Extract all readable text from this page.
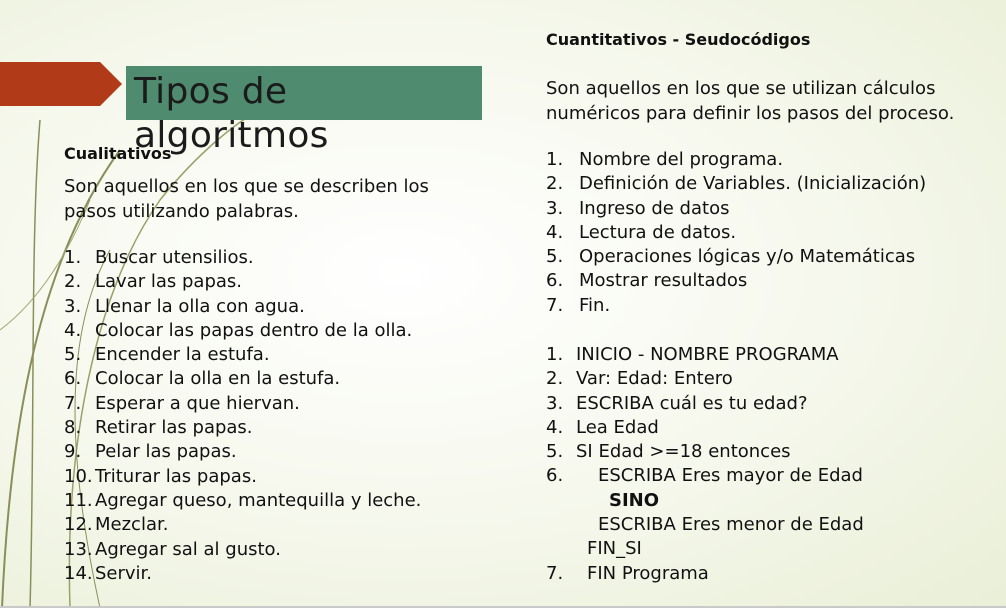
Tipos de algoritmos
Cualitativos
Son aquellos en los que se describen los pasos utilizando palabras.
1. Buscar utensilios.
2. Lavar las papas.
3. Llenar la olla con agua.
4. Colocar las papas dentro de la olla.
5. Encender la estufa.
6. Colocar la olla en la estufa.
7. Esperar a que hiervan.
8. Retirar las papas.
9. Pelar las papas.
10. Triturar las papas.
11. Agregar queso, mantequilla y leche.
12. Mezclar.
13. Agregar sal al gusto.
14. Servir.
Cuantitativos - Seudocódigos
Son aquellos en los que se utilizan cálculos numéricos para definir los pasos del proceso.
1. Nombre del programa.
2. Definición de Variables. (Inicialización)
3. Ingreso de datos
4. Lectura de datos.
5. Operaciones lógicas y/o Matemáticas
6. Mostrar resultados
7. Fin.
1. INICIO - NOMBRE PROGRAMA
2. Var: Edad: Entero
3. ESCRIBA cuál es tu edad?
4. Lea Edad
5. SI Edad >=18 entonces
6. ESCRIBA Eres mayor de Edad
SINO
ESCRIBA Eres menor de Edad
FIN_SI
7. FIN Programa
